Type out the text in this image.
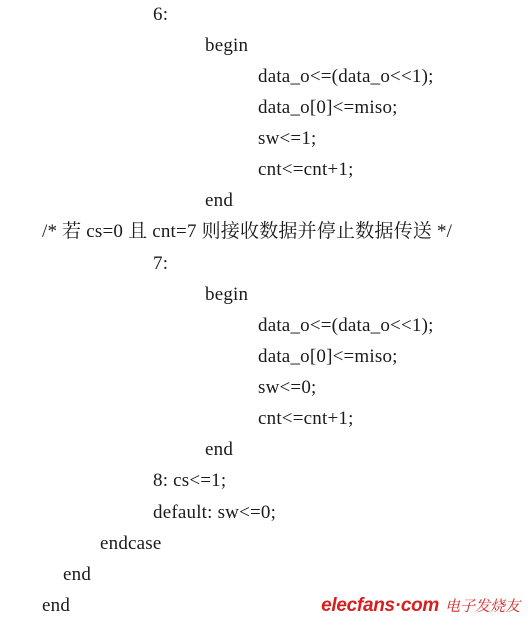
6:
begin
data_o<=(data_o<<1);
data_o[0]<=miso;
sw<=1;
cnt<=cnt+1;
end
/* 若 cs=0 且 cnt=7 则接收数据并停止数据传送 */
7:
begin
data_o<=(data_o<<1);
data_o[0]<=miso;
sw<=0;
cnt<=cnt+1;
end
8: cs<=1;
default: sw<=0;
endcase
end
end	elecfans·com 电子发烧友
